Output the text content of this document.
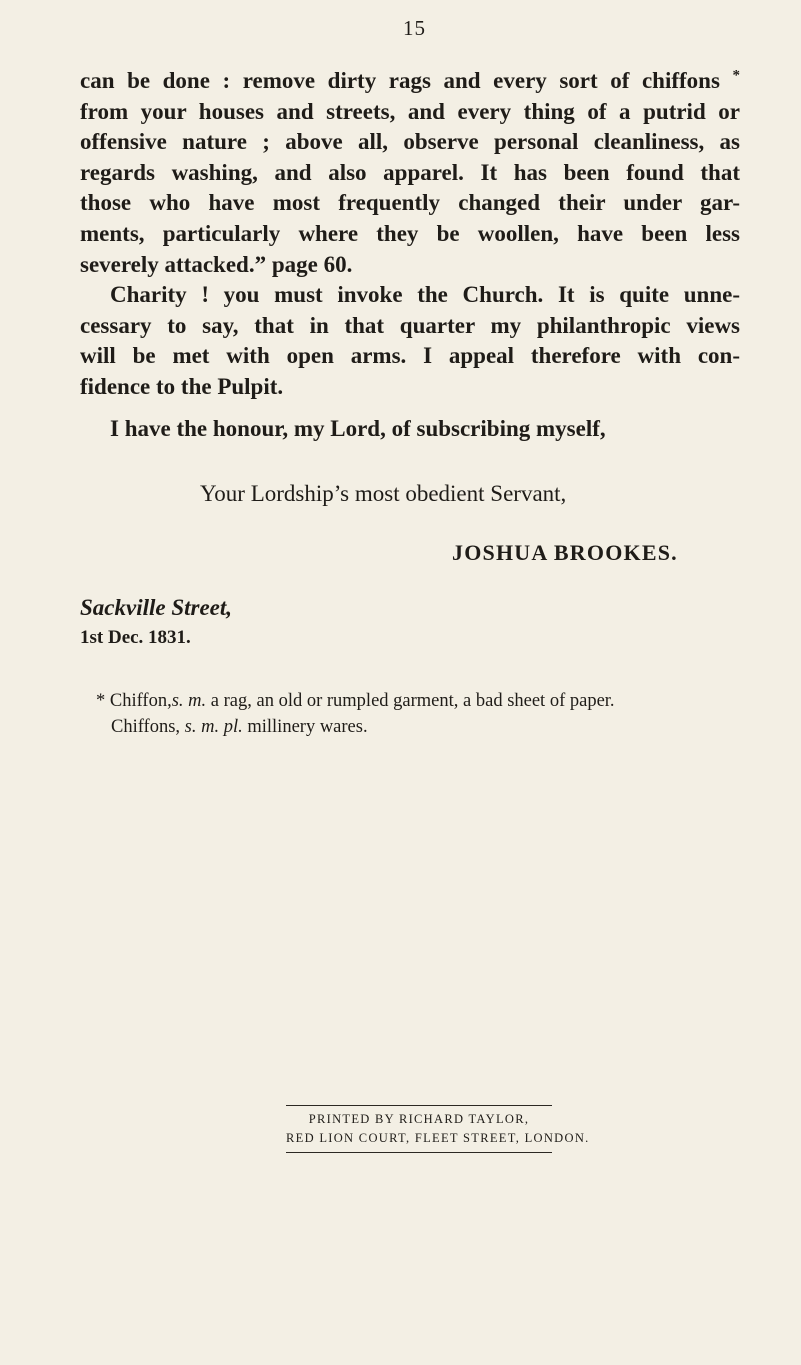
15
can be done : remove dirty rags and every sort of chiffons *
from your houses and streets, and every thing of a putrid or
offensive nature ; above all, observe personal cleanliness, as
regards washing, and also apparel. It has been found that
those who have most frequently changed their under gar-
ments, particularly where they be woollen, have been less
severely attacked.” page 60.
Charity ! you must invoke the Church. It is quite unne-
cessary to say, that in that quarter my philanthropic views
will be met with open arms. I appeal therefore with con-
fidence to the Pulpit.
I have the honour, my Lord, of subscribing myself,
Your Lordship’s most obedient Servant,
JOSHUA BROOKES.
Sackville Street,
1st Dec. 1831.
* Chiffon,s. m. a rag, an old or rumpled garment, a bad sheet of paper.
Chiffons, s. m. pl. millinery wares.
PRINTED BY RICHARD TAYLOR,
RED LION COURT, FLEET STREET, LONDON.
